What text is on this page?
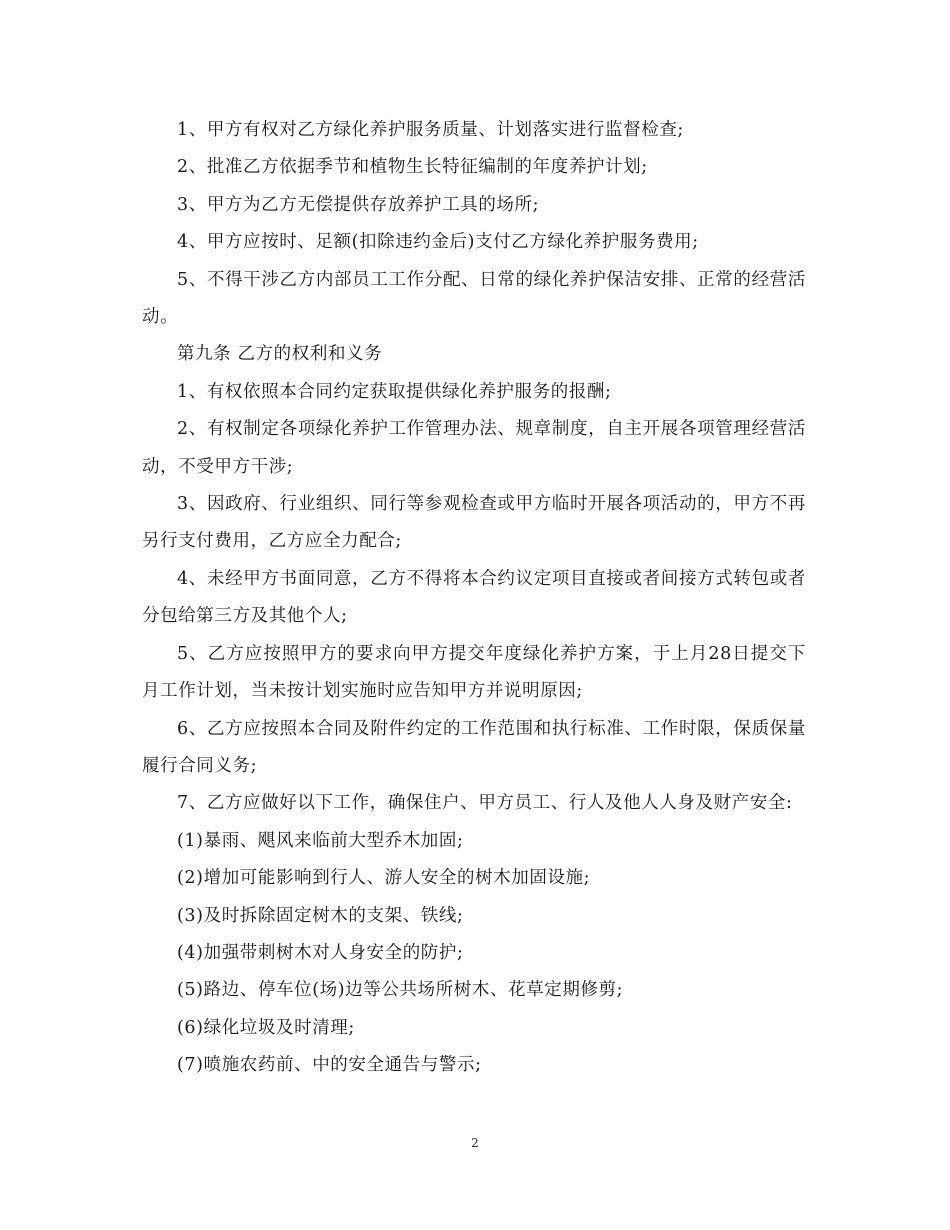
1、甲方有权对乙方绿化养护服务质量、计划落实进行监督检查;

2、批准乙方依据季节和植物生长特征编制的年度养护计划;

3、甲方为乙方无偿提供存放养护工具的场所;

4、甲方应按时、足额(扣除违约金后)支付乙方绿化养护服务费用;

5、不得干涉乙方内部员工工作分配、日常的绿化养护保洁安排、正常的经营活动。

第九条 乙方的权利和义务

1、有权依照本合同约定获取提供绿化养护服务的报酬;

2、有权制定各项绿化养护工作管理办法、规章制度，自主开展各项管理经营活动，不受甲方干涉;

3、因政府、行业组织、同行等参观检查或甲方临时开展各项活动的，甲方不再另行支付费用，乙方应全力配合;

4、未经甲方书面同意，乙方不得将本合约议定项目直接或者间接方式转包或者分包给第三方及其他个人;

5、乙方应按照甲方的要求向甲方提交年度绿化养护方案，于上月28日提交下月工作计划，当未按计划实施时应告知甲方并说明原因;

6、乙方应按照本合同及附件约定的工作范围和执行标准、工作时限，保质保量履行合同义务;

7、乙方应做好以下工作，确保住户、甲方员工、行人及他人人身及财产安全:

(1)暴雨、飓风来临前大型乔木加固;

(2)增加可能影响到行人、游人安全的树木加固设施;

(3)及时拆除固定树木的支架、铁线;

(4)加强带刺树木对人身安全的防护;

(5)路边、停车位(场)边等公共场所树木、花草定期修剪;

(6)绿化垃圾及时清理;

(7)喷施农药前、中的安全通告与警示;

2
